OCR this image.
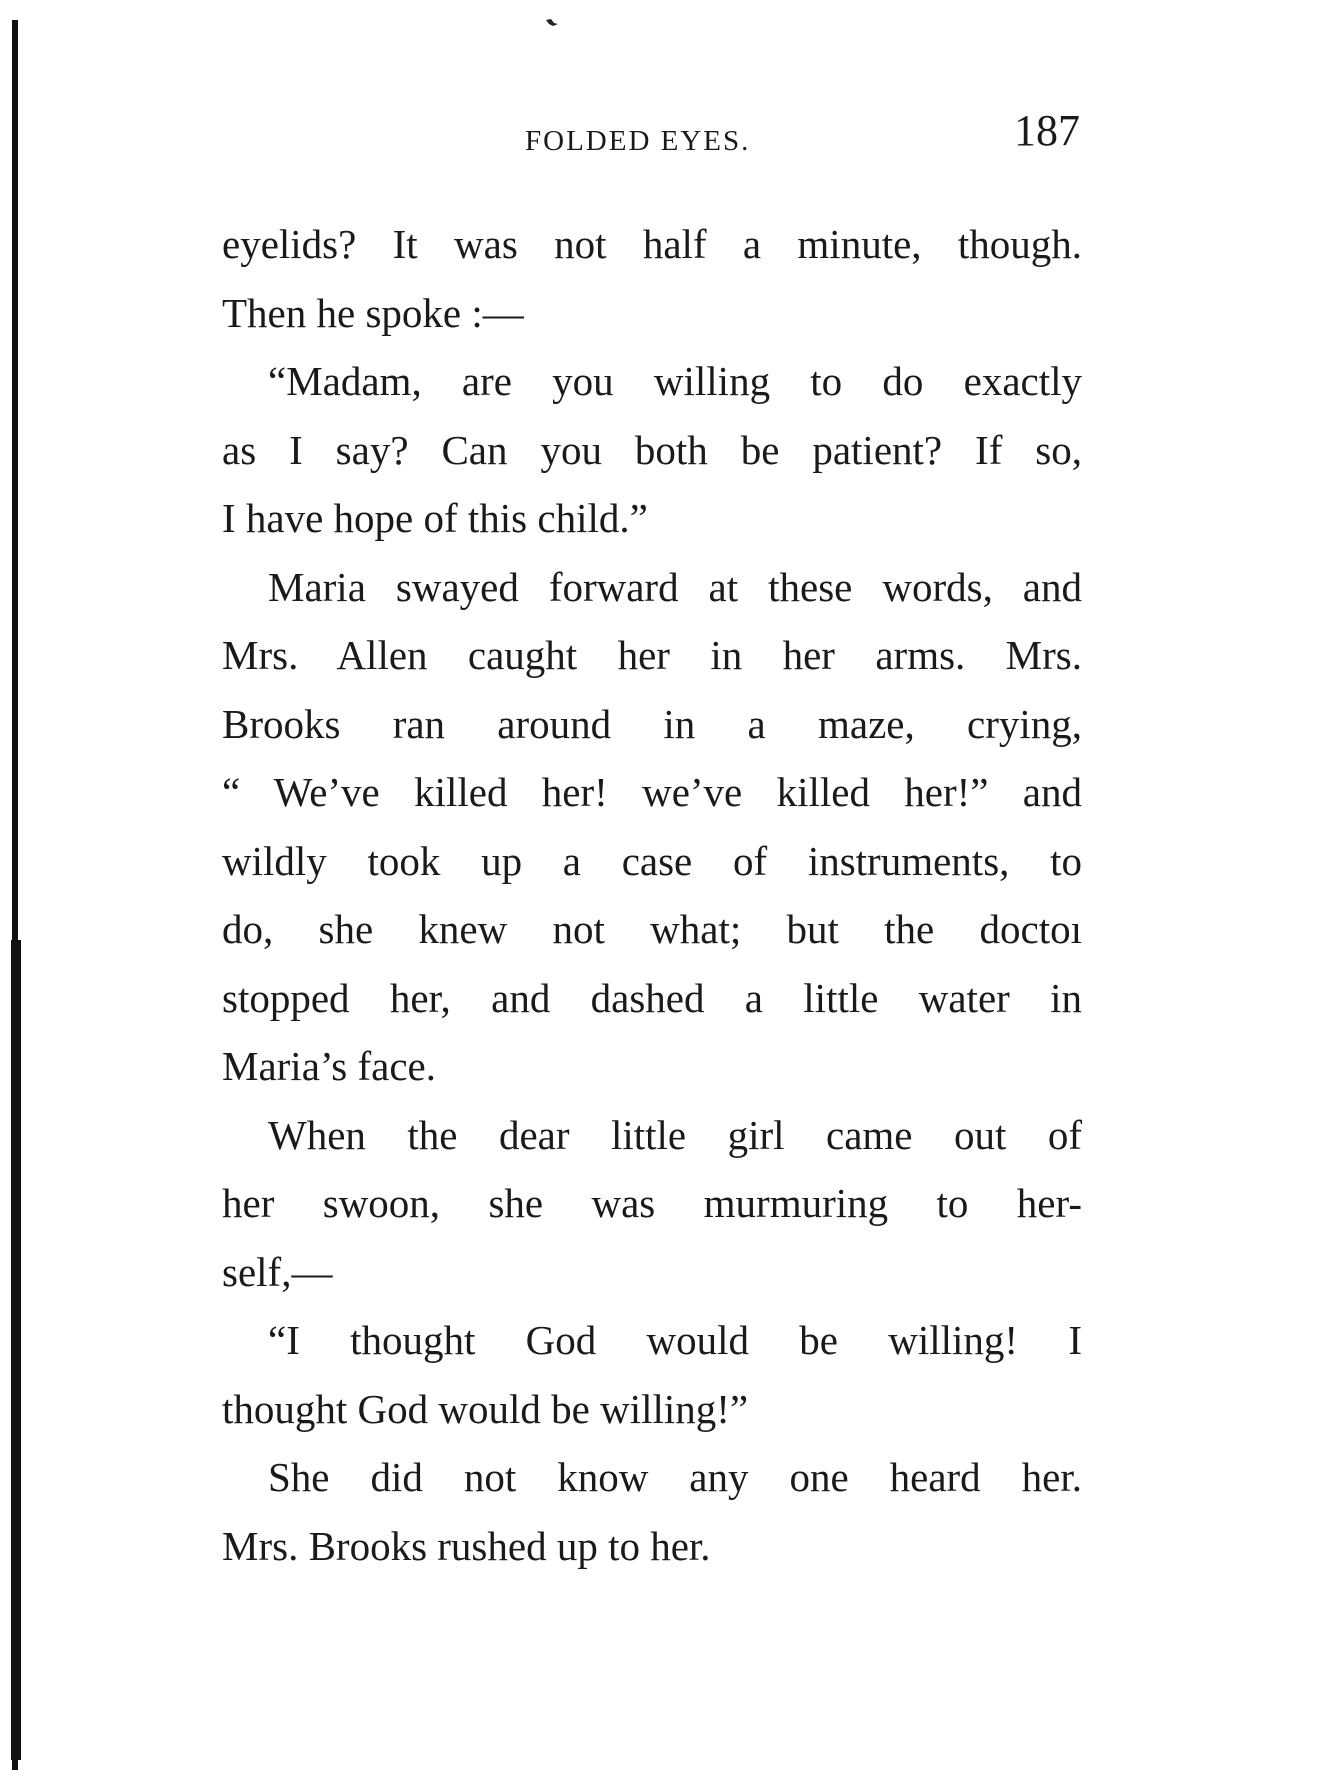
FOLDED EYES.	187
eyelids? It was not half a minute, though.
Then he spoke :—
“Madam, are you willing to do exactly
as I say? Can you both be patient? If so,
I have hope of this child.”
Maria swayed forward at these words, and
Mrs. Allen caught her in her arms. Mrs.
Brooks ran around in a maze, crying,
“ We’ve killed her! we’ve killed her!” and
wildly took up a case of instruments, to
do, she knew not what; but the doctoı
stopped her, and dashed a little water in
Maria’s face.
When the dear little girl came out of
her swoon, she was murmuring to her-
self,—
“I thought God would be willing! I
thought God would be willing!”
She did not know any one heard her.
Mrs. Brooks rushed up to her.
